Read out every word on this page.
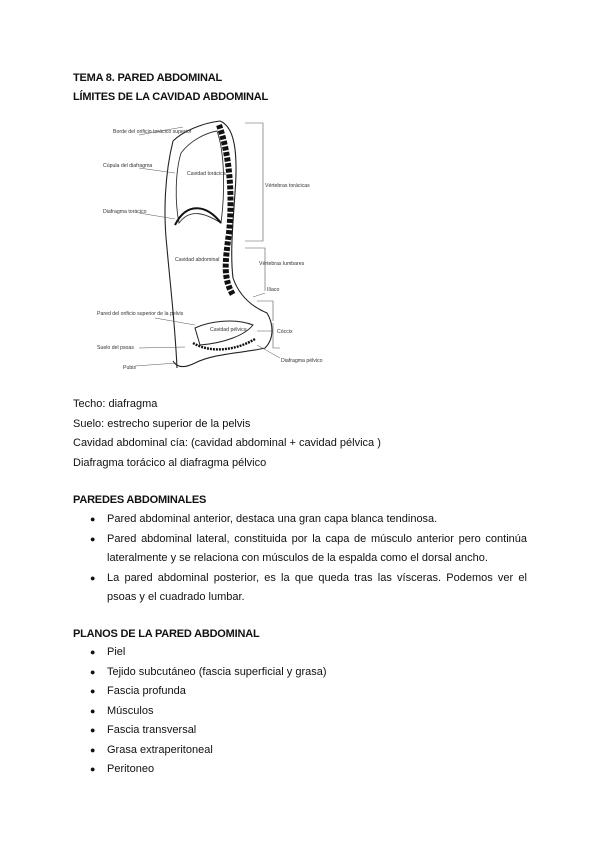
TEMA 8. PARED ABDOMINAL
LÍMITES DE LA CAVIDAD ABDOMINAL
Borde del orificio torácico superior
Cúpula del diafragma
Diafragma torácico
Cavidad torácica
Vértebras torácicas
Cavidad abdominal
Vértebras lumbares
Pared del orificio superior de la pelvis
Ilíaco
Cavidad pélvica	Cóccix
Suelo del psoas
Pubis
Diafragma pélvico
Techo: diafragma
Suelo: estrecho superior de la pelvis
Cavidad abdominal cía: (cavidad abdominal + cavidad pélvica )
Diafragma torácico al diafragma pélvico
PAREDES ABDOMINALES
● Pared abdominal anterior, destaca una gran capa blanca tendinosa.
● Pared abdominal lateral, constituida por la capa de músculo anterior pero continúa lateralmente y se relaciona con músculos de la espalda como el dorsal ancho.
● La pared abdominal posterior, es la que queda tras las vísceras. Podemos ver el psoas y el cuadrado lumbar.
PLANOS DE LA PARED ABDOMINAL
● Piel
● Tejido subcutáneo (fascia superficial y grasa)
● Fascia profunda
● Músculos
● Fascia transversal
● Grasa extraperitoneal
● Peritoneo
